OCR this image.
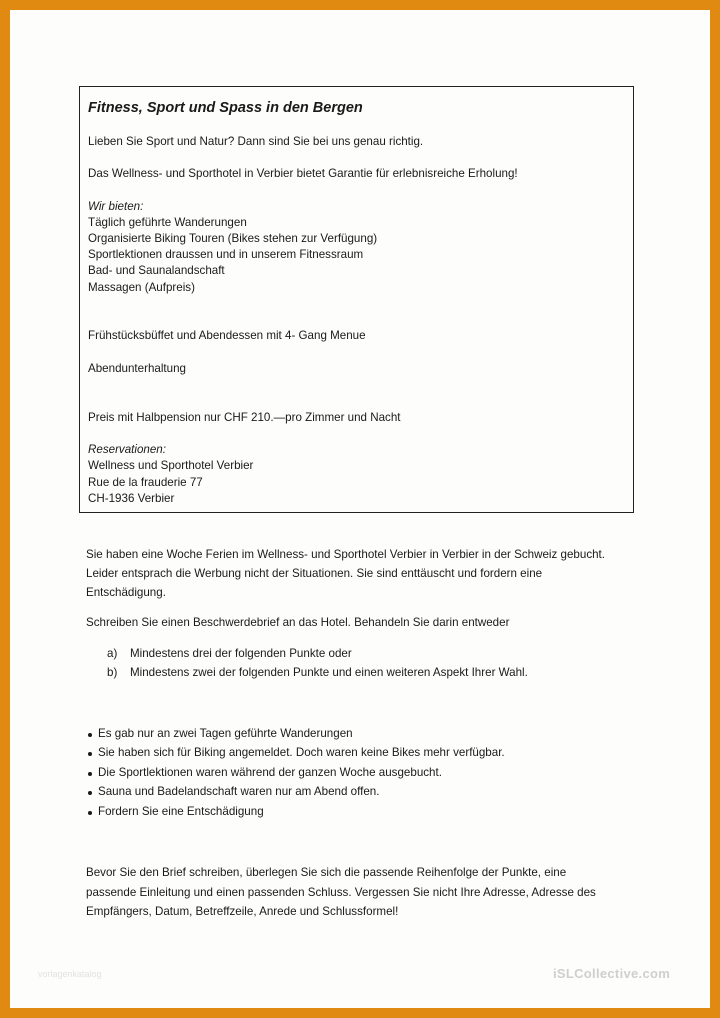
Fitness, Sport und Spass in den Bergen
Lieben Sie Sport und Natur? Dann sind Sie bei uns genau richtig.
Das Wellness- und Sporthotel in Verbier bietet Garantie für erlebnisreiche Erholung!
Wir bieten:
Täglich geführte Wanderungen
Organisierte Biking Touren (Bikes stehen zur Verfügung)
Sportlektionen draussen und in unserem Fitnessraum
Bad- und Saunalandschaft
Massagen (Aufpreis)
Frühstücksbüffet und Abendessen mit 4- Gang Menue
Abendunterhaltung
Preis mit Halbpension nur CHF 210.—pro Zimmer und Nacht
Reservationen:
Wellness und Sporthotel Verbier
Rue de la frauderie 77
CH-1936 Verbier
Sie haben eine Woche Ferien im Wellness- und Sporthotel Verbier in Verbier in der Schweiz gebucht.
Leider entsprach die Werbung nicht der Situationen. Sie sind enttäuscht und fordern eine
Entschädigung.
Schreiben Sie einen Beschwerdebrief an das Hotel. Behandeln Sie darin entweder
a) Mindestens drei der folgenden Punkte oder
b) Mindestens zwei der folgenden Punkte und einen weiteren Aspekt Ihrer Wahl.
Es gab nur an zwei Tagen geführte Wanderungen
Sie haben sich für Biking angemeldet. Doch waren keine Bikes mehr verfügbar.
Die Sportlektionen waren während der ganzen Woche ausgebucht.
Sauna und Badelandschaft waren nur am Abend offen.
Fordern Sie eine Entschädigung
Bevor Sie den Brief schreiben, überlegen Sie sich die passende Reihenfolge der Punkte, eine
passende Einleitung und einen passenden Schluss. Vergessen Sie nicht Ihre Adresse, Adresse des
Empfängers, Datum, Betreffzeile, Anrede und Schlussformel!
vorlagenkatalog	iSLCollective.com
